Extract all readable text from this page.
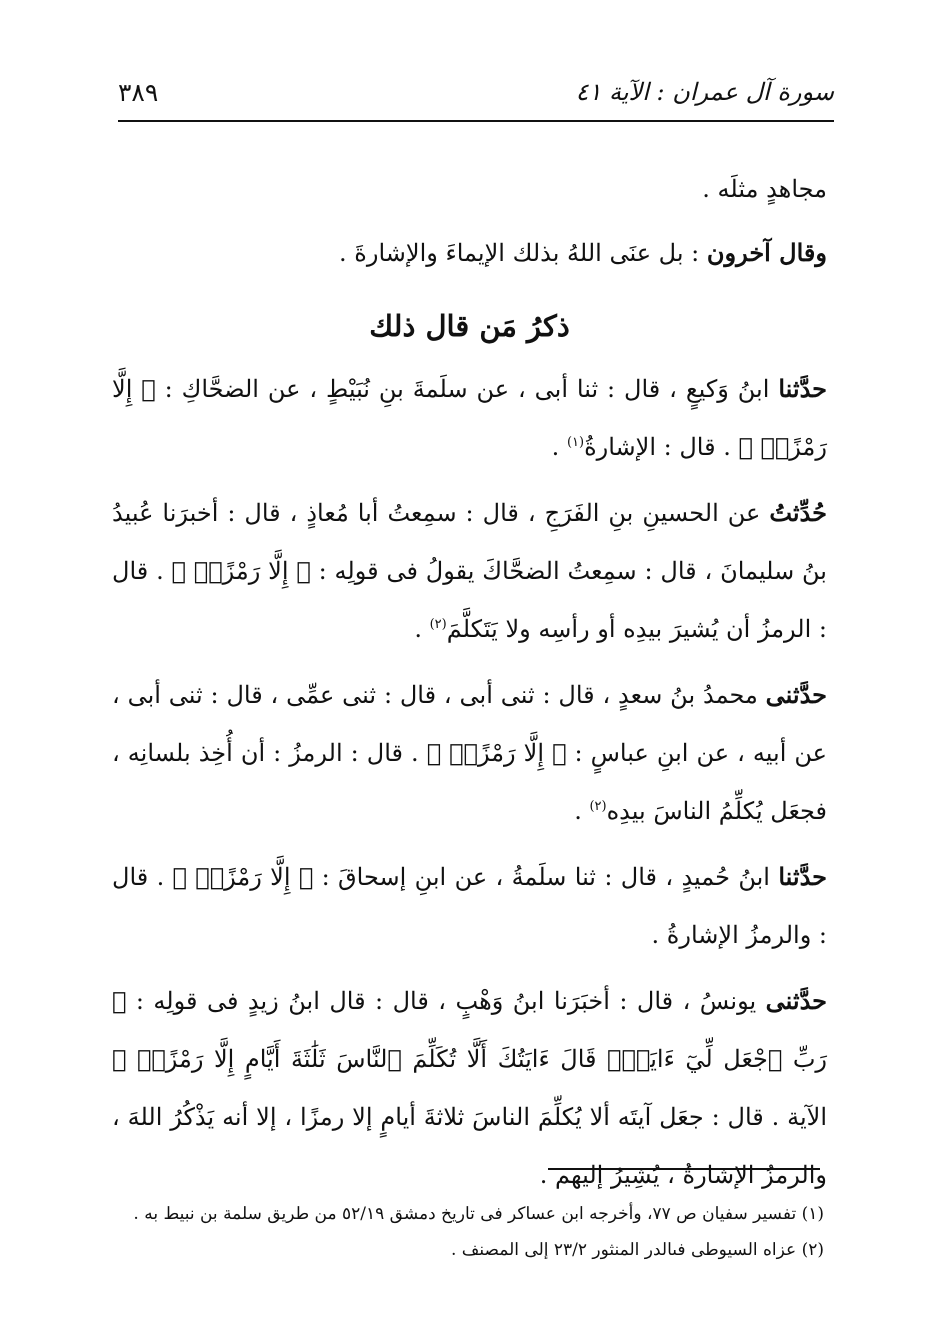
سورة آل عمران : الآية ٤١
٣٨٩

مجاهدٍ مثلَه .

وقال آخرون : بل عنَى اللهُ بذلك الإيماءَ والإشارةَ .

ذكرُ مَن قال ذلك

حدَّثنا ابنُ وَكيعٍ ، قال : ثنا أبى ، عن سلَمةَ بنِ نُبَيْطٍ ، عن الضحَّاكِ : ﴿ إِلَّا رَمْزًاۗ ﴾ . قال : الإشارةُ$^{(١)}$ .

حُدِّثتُ عن الحسينِ بنِ الفَرَجِ ، قال : سمِعتُ أبا مُعاذٍ ، قال : أخبرَنا عُبيدُ بنُ سليمانَ ، قال : سمِعتُ الضحَّاكَ يقولُ فى قولِه : ﴿ إِلَّا رَمْزًاۗ ﴾ . قال : الرمزُ أن يُشيرَ بيدِه أو رأسِه ولا يَتَكلَّمَ$^{(٢)}$ .

حدَّثنى محمدُ بنُ سعدٍ ، قال : ثنى أبى ، قال : ثنى عمِّى ، قال : ثنى أبى ، عن أبيه ، عن ابنِ عباسٍ : ﴿ إِلَّا رَمْزًاۗ ﴾ . قال : الرمزُ : أن أُخِذ بلسانِه ، فجعَل يُكلِّمُ الناسَ بيدِه$^{(٢)}$ .

حدَّثنا ابنُ حُميدٍ ، قال : ثنا سلَمةُ ، عن ابنِ إسحاقَ : ﴿ إِلَّا رَمْزًاۗ ﴾ . قال : والرمزُ الإشارةُ .

حدَّثنى يونسُ ، قال : أخبَرَنا ابنُ وَهْبٍ ، قال : قال ابنُ زيدٍ فى قولِه : ﴿ رَبِّ ٱجْعَل لِّيٓ ءَايَةًۖ قَالَ ءَايَتُكَ أَلَّا تُكَلِّمَ ٱلنَّاسَ ثَلَٰثَةَ أَيَّامٍ إِلَّا رَمْزًاۗ ﴾ الآية . قال : جعَل آيتَه ألا يُكلِّمَ الناسَ ثلاثةَ أيامٍ إلا رمزًا ، إلا أنه يَذْكُرُ اللهَ ، والرمزُ الإشارةُ ، يُشِيرُ إليهم .

(١) تفسير سفيان ص ٧٧، وأخرجه ابن عساكر فى تاريخ دمشق ٥٢/١٩ من طريق سلمة بن نبيط به .

(٢) عزاه السيوطى فىالدر المنثور ٢٣/٢ إلى المصنف .
